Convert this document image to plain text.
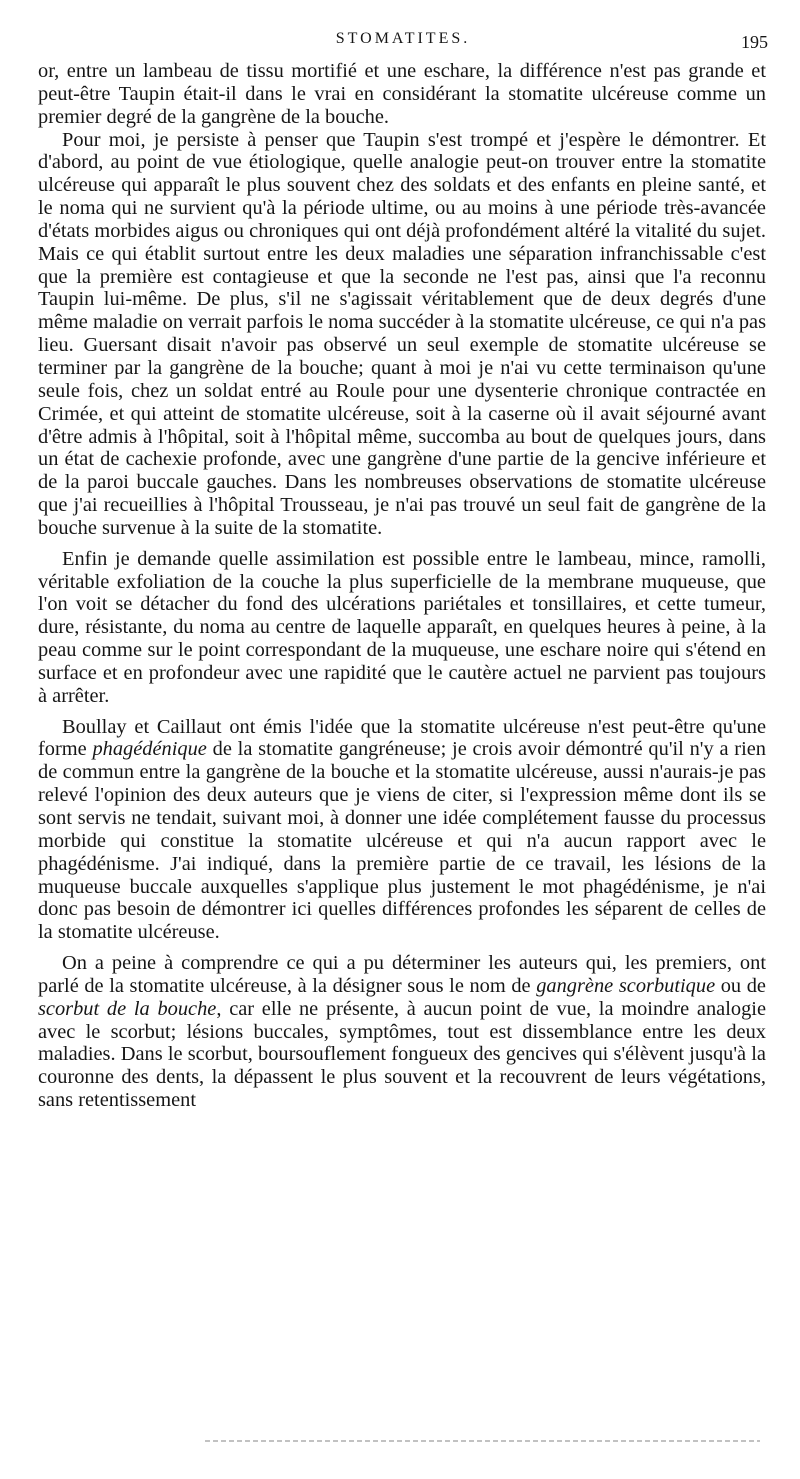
STOMATITES.	195

or, entre un lambeau de tissu mortifié et une eschare, la différence n'est pas grande et peut-être Taupin était-il dans le vrai en considérant la stomatite ulcéreuse comme un premier degré de la gangrène de la bouche.

Pour moi, je persiste à penser que Taupin s'est trompé et j'espère le démontrer. Et d'abord, au point de vue étiologique, quelle analogie peut-on trouver entre la stomatite ulcéreuse qui apparaît le plus souvent chez des soldats et des enfants en pleine santé, et le noma qui ne survient qu'à la période ultime, ou au moins à une période très-avancée d'états morbides aigus ou chroniques qui ont déjà profondément altéré la vitalité du sujet. Mais ce qui établit surtout entre les deux maladies une séparation infranchissable c'est que la première est contagieuse et que la seconde ne l'est pas, ainsi que l'a reconnu Taupin lui-même. De plus, s'il ne s'agissait véritablement que de deux degrés d'une même maladie on verrait parfois le noma succéder à la stomatite ulcéreuse, ce qui n'a pas lieu. Guersant disait n'avoir pas observé un seul exemple de stomatite ulcéreuse se terminer par la gangrène de la bouche; quant à moi je n'ai vu cette terminaison qu'une seule fois, chez un soldat entré au Roule pour une dysenterie chronique contractée en Crimée, et qui atteint de stomatite ulcéreuse, soit à la caserne où il avait séjourné avant d'être admis à l'hôpital, soit à l'hôpital même, succomba au bout de quelques jours, dans un état de cachexie profonde, avec une gangrène d'une partie de la gencive inférieure et de la paroi buccale gauches. Dans les nombreuses observations de stomatite ulcéreuse que j'ai recueillies à l'hôpital Trousseau, je n'ai pas trouvé un seul fait de gangrène de la bouche survenue à la suite de la stomatite.

Enfin je demande quelle assimilation est possible entre le lambeau, mince, ramolli, véritable exfoliation de la couche la plus superficielle de la membrane muqueuse, que l'on voit se détacher du fond des ulcérations pariétales et tonsillaires, et cette tumeur, dure, résistante, du noma au centre de laquelle apparaît, en quelques heures à peine, à la peau comme sur le point correspondant de la muqueuse, une eschare noire qui s'étend en surface et en profondeur avec une rapidité que le cautère actuel ne parvient pas toujours à arrêter.

Boullay et Caillaut ont émis l'idée que la stomatite ulcéreuse n'est peut-être qu'une forme phagédénique de la stomatite gangréneuse; je crois avoir démontré qu'il n'y a rien de commun entre la gangrène de la bouche et la stomatite ulcéreuse, aussi n'aurais-je pas relevé l'opinion des deux auteurs que je viens de citer, si l'expression même dont ils se sont servis ne tendait, suivant moi, à donner une idée complétement fausse du processus morbide qui constitue la stomatite ulcéreuse et qui n'a aucun rapport avec le phagédénisme. J'ai indiqué, dans la première partie de ce travail, les lésions de la muqueuse buccale auxquelles s'applique plus justement le mot phagédénisme, je n'ai donc pas besoin de démontrer ici quelles différences profondes les séparent de celles de la stomatite ulcéreuse.

On a peine à comprendre ce qui a pu déterminer les auteurs qui, les premiers, ont parlé de la stomatite ulcéreuse, à la désigner sous le nom de gangrène scorbutique ou de scorbut de la bouche, car elle ne présente, à aucun point de vue, la moindre analogie avec le scorbut; lésions buccales, symptômes, tout est dissemblance entre les deux maladies. Dans le scorbut, boursouflement fongueux des gencives qui s'élèvent jusqu'à la couronne des dents, la dépassent le plus souvent et la recouvrent de leurs végétations, sans retentissement
